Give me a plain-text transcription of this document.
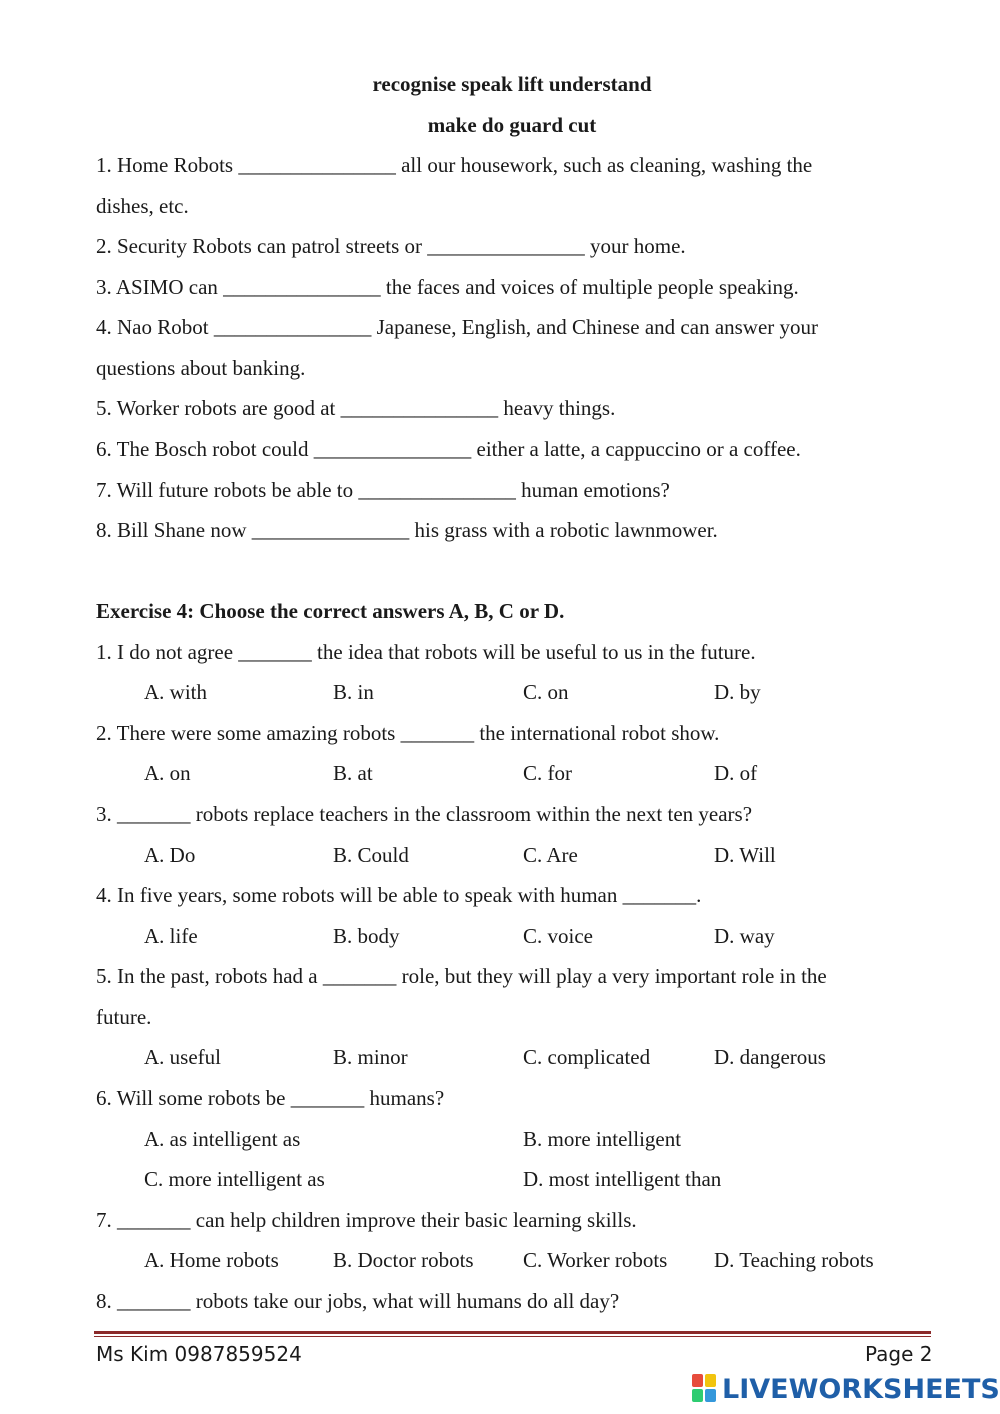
recognise speak lift understand
make do guard cut
1. Home Robots _______________ all our housework, such as cleaning, washing the
dishes, etc.
2. Security Robots can patrol streets or _______________ your home.
3. ASIMO can _______________ the faces and voices of multiple people speaking.
4. Nao Robot _______________ Japanese, English, and Chinese and can answer your
questions about banking.
5. Worker robots are good at _______________ heavy things.
6. The Bosch robot could _______________ either a latte, a cappuccino or a coffee.
7. Will future robots be able to _______________ human emotions?
8. Bill Shane now _______________ his grass with a robotic lawnmower.
Exercise 4: Choose the correct answers A, B, C or D.
1. I do not agree _______ the idea that robots will be useful to us in the future.
A. with	B. in	C. on	D. by
2. There were some amazing robots _______ the international robot show.
A. on	B. at	C. for	D. of
3. _______ robots replace teachers in the classroom within the next ten years?
A. Do	B. Could	C. Are	D. Will
4. In five years, some robots will be able to speak with human _______.
A. life	B. body	C. voice	D. way
5. In the past, robots had a _______ role, but they will play a very important role in the
future.
A. useful	B. minor	C. complicated	D. dangerous
6. Will some robots be _______ humans?
A. as intelligent as	B. more intelligent
C. more intelligent as	D. most intelligent than
7. _______ can help children improve their basic learning skills.
A. Home robots	B. Doctor robots C. Worker robots D. Teaching robots
8. _______ robots take our jobs, what will humans do all day?
Ms Kim 0987859524	Page 2
LIVEWORKSHEETS
